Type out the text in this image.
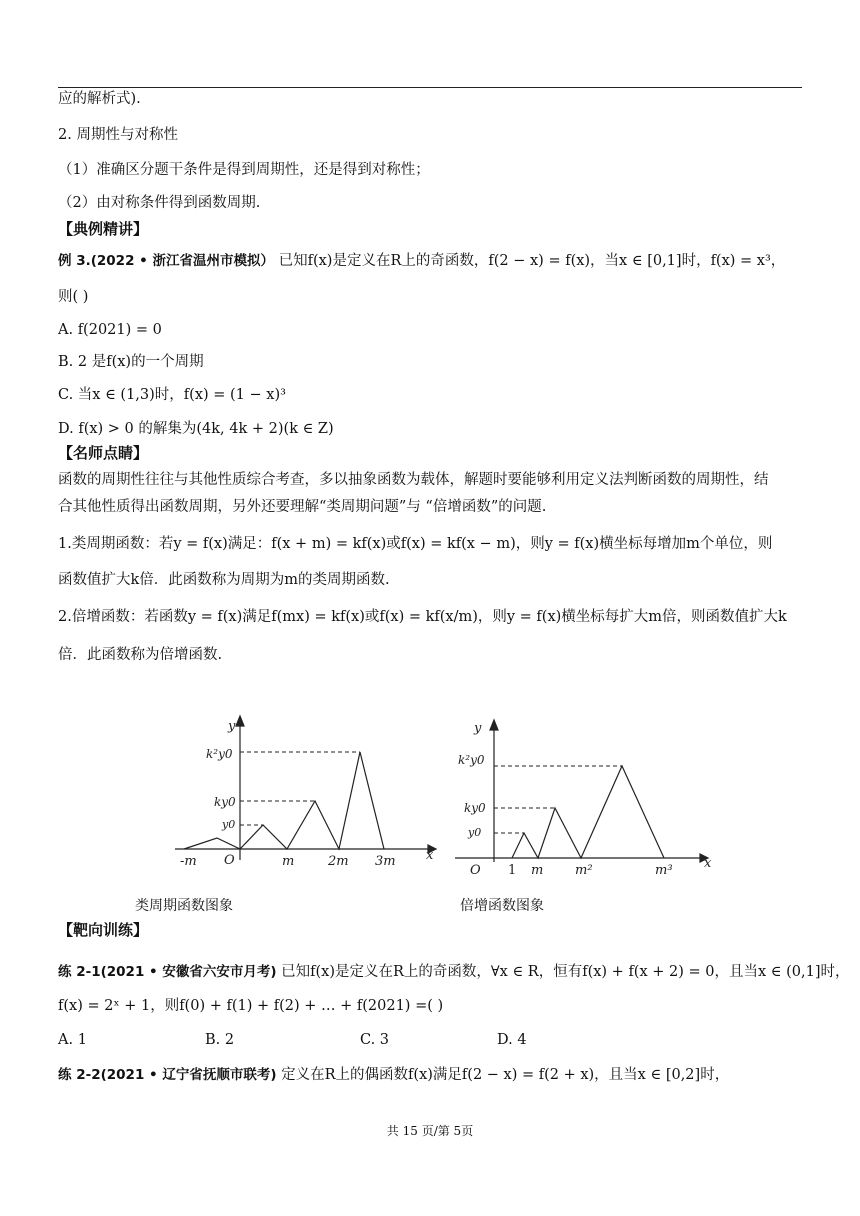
应的解析式).
2. 周期性与对称性
（1）准确区分题干条件是得到周期性，还是得到对称性；
（2）由对称条件得到函数周期.
【典例精讲】
例 3.(2022 • 浙江省温州市模拟） 已知f(x)是定义在R上的奇函数，f(2 − x) = f(x)，当x ∈ [0,1]时，f(x) = x³，
则( )
A. f(2021) = 0
B. 2 是f(x)的一个周期
C. 当x ∈ (1,3)时，f(x) = (1 − x)³
D. f(x) > 0 的解集为(4k, 4k + 2)(k ∈ Z)
【名师点睛】
函数的周期性往往与其他性质综合考查，多以抽象函数为载体，解题时要能够利用定义法判断函数的周期性，结
合其他性质得出函数周期，另外还要理解“类周期问题”与 “倍增函数”的问题.
1.类周期函数：若y = f(x)满足：f(x + m) = kf(x)或f(x) = kf(x − m)，则y = f(x)横坐标每增加m个单位，则
函数值扩大k倍．此函数称为周期为m的类周期函数.
2.倍增函数：若函数y = f(x)满足f(mx) = kf(x)或f(x) = kf(x/m)，则y = f(x)横坐标每扩大m倍，则函数值扩大k
倍．此函数称为倍增函数.
y
x
O
k²y0
ky0
y0
-m	m	2m 3m
y
x
O
k²y0
ky0
y0
1 m m²	m³
类周期函数图象	倍增函数图象
【靶向训练】
练 2-1(2021 • 安徽省六安市月考) 已知f(x)是定义在R上的奇函数，∀x ∈ R，恒有f(x) + f(x + 2) = 0，且当x ∈ (0,1]时，
f(x) = 2ˣ + 1，则f(0) + f(1) + f(2) + … + f(2021) =( )
A. 1	B. 2	C. 3	D. 4
练 2-2(2021 • 辽宁省抚顺市联考) 定义在R上的偶函数f(x)满足f(2 − x) = f(2 + x)，且当x ∈ [0,2]时，
共 15 页/第 5页
